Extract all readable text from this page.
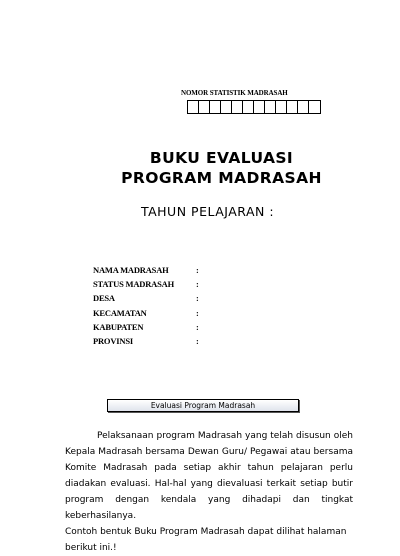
NOMOR STATISTIK MADRASAH
BUKU EVALUASI
PROGRAM MADRASAH
TAHUN PELAJARAN :
NAMA MADRASAH	:
STATUS MADRASAH	:
DESA	:
KECAMATAN	:
KABUPATEN	:
PROVINSI	:
Evaluasi Program Madrasah

Pelaksanaan program Madrasah yang telah disusun oleh Kepala Madrasah bersama Dewan Guru/ Pegawai atau bersama Komite Madrasah pada setiap akhir tahun pelajaran perlu diadakan evaluasi. Hal-hal yang dievaluasi terkait setiap butir program dengan kendala yang dihadapi dan tingkat keberhasilanya.

Contoh bentuk Buku Program Madrasah dapat dilihat halaman berikut ini.!
